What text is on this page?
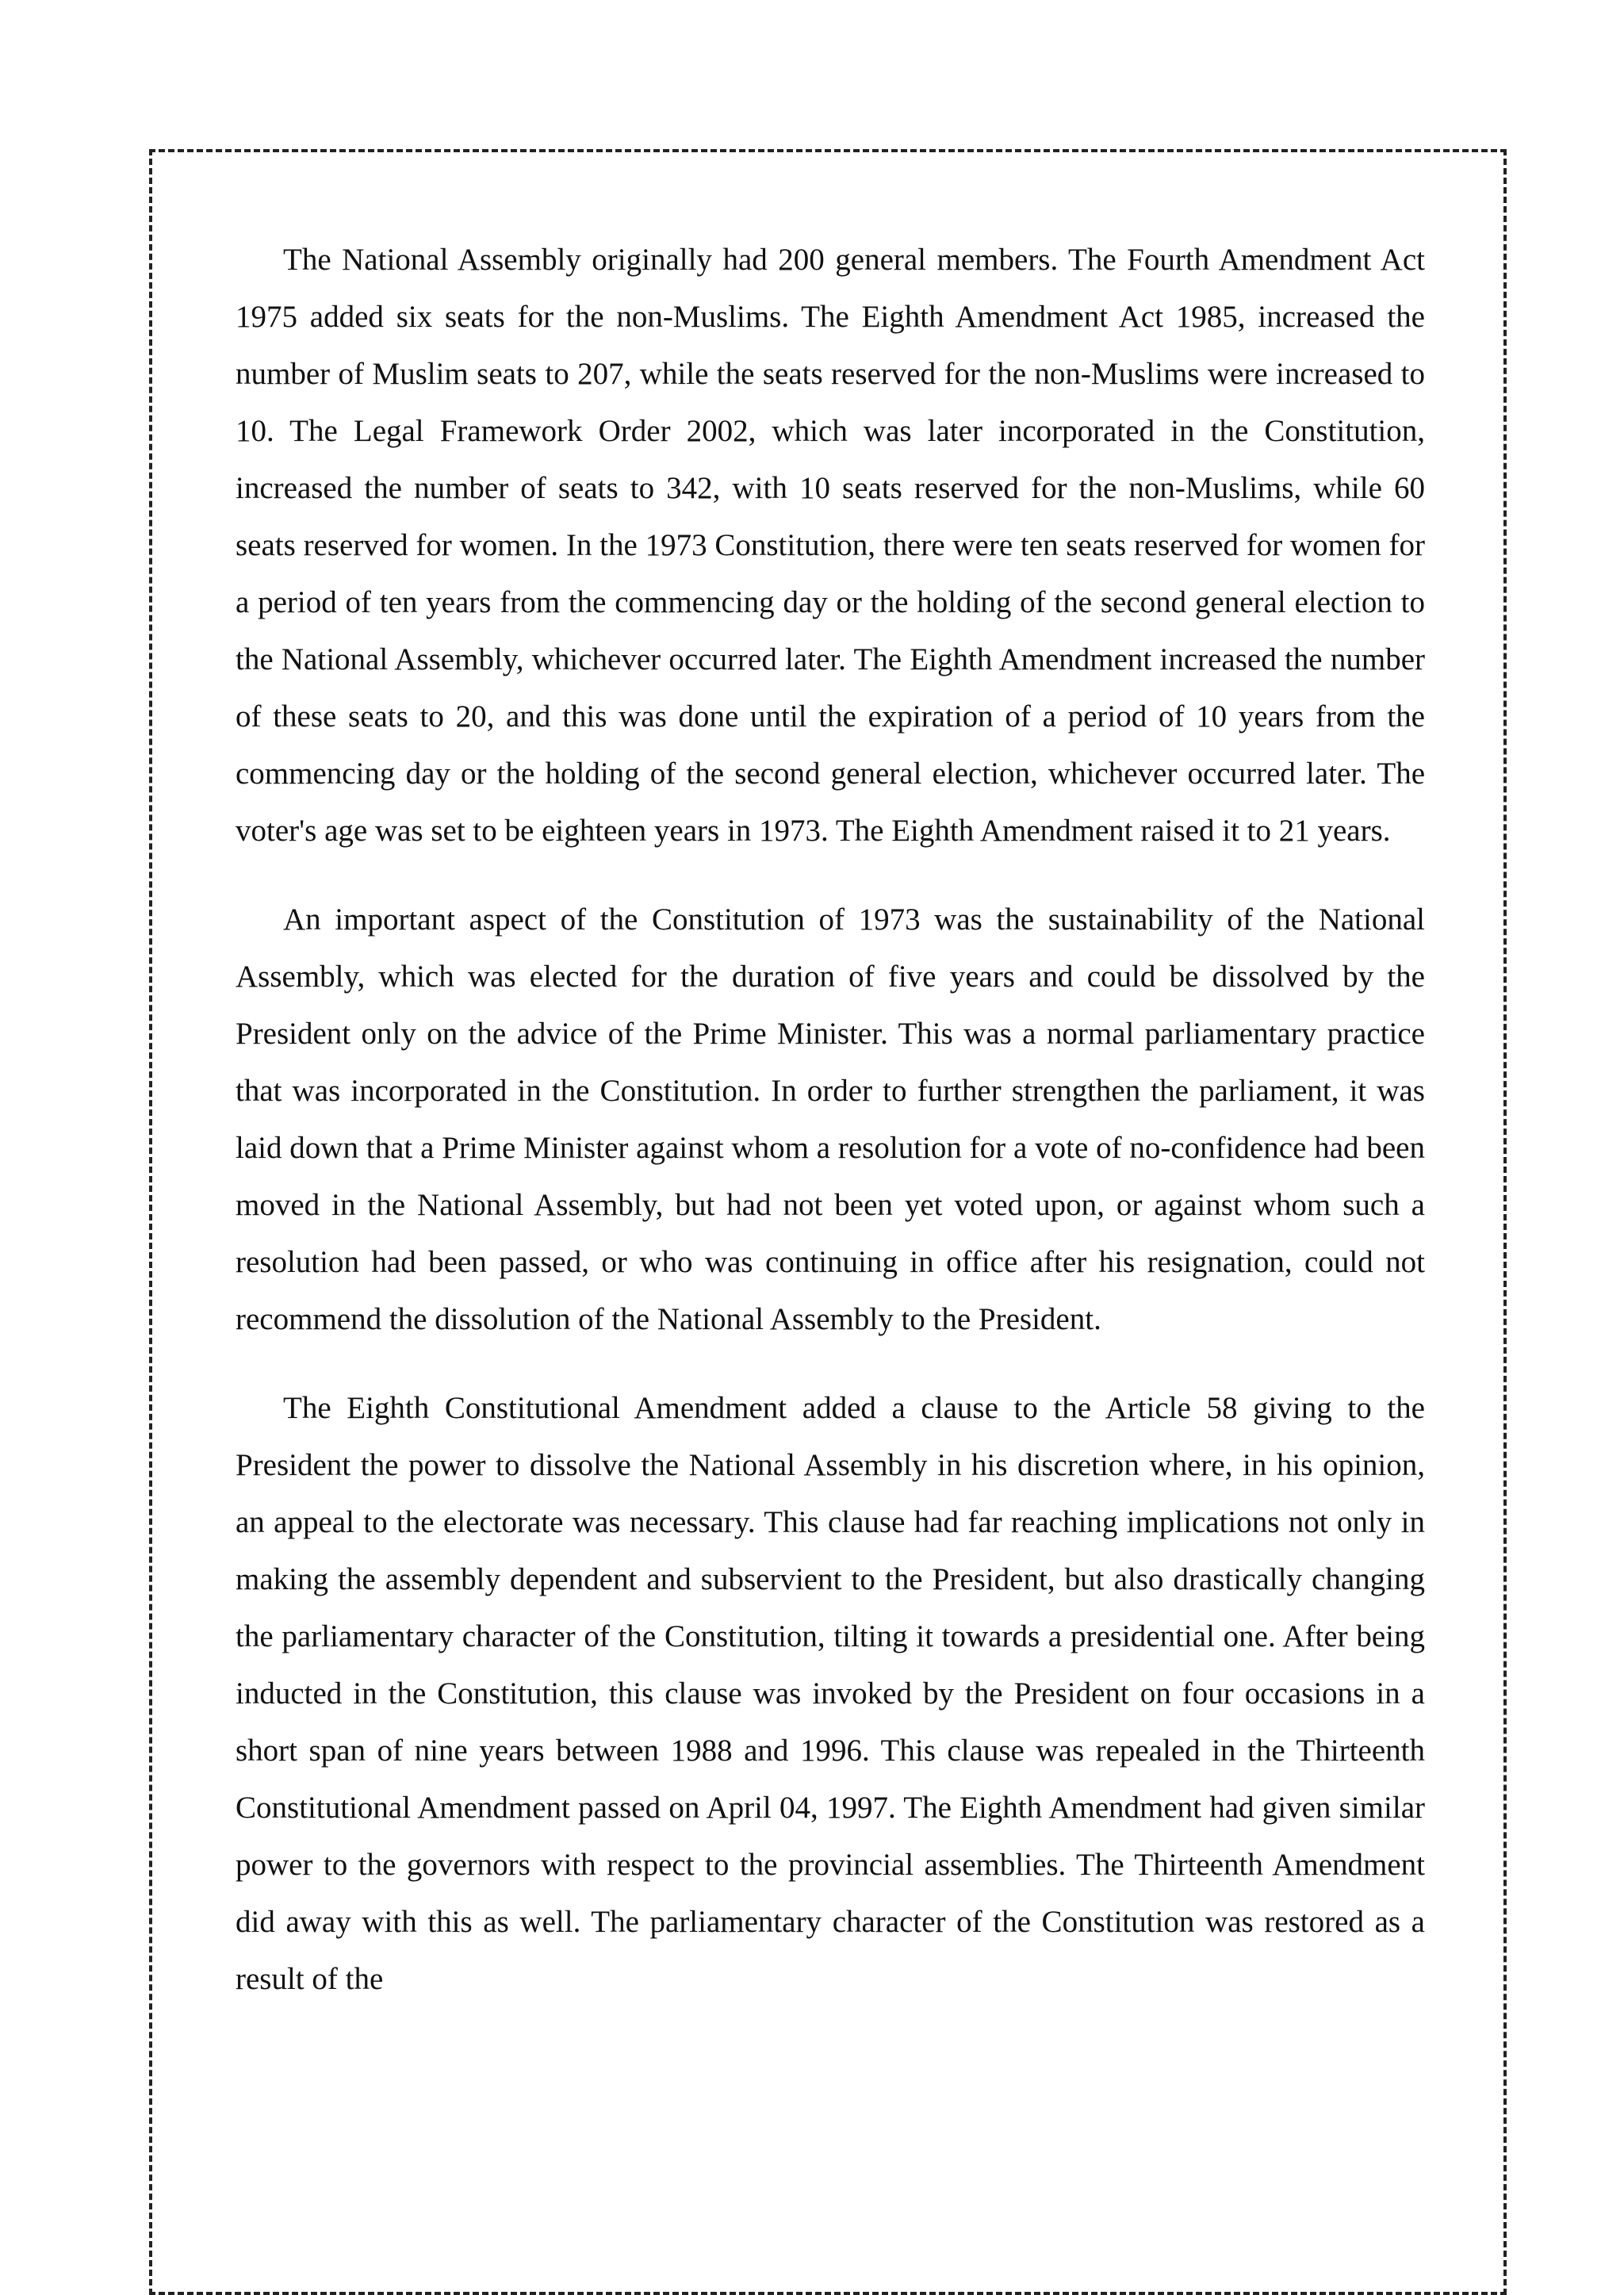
The National Assembly originally had 200 general members. The Fourth Amendment Act 1975 added six seats for the non-Muslims. The Eighth Amendment Act 1985, increased the number of Muslim seats to 207, while the seats reserved for the non-Muslims were increased to 10. The Legal Framework Order 2002, which was later incorporated in the Constitution, increased the number of seats to 342, with 10 seats reserved for the non-Muslims, while 60 seats reserved for women. In the 1973 Constitution, there were ten seats reserved for women for a period of ten years from the commencing day or the holding of the second general election to the National Assembly, whichever occurred later. The Eighth Amendment increased the number of these seats to 20, and this was done until the expiration of a period of 10 years from the commencing day or the holding of the second general election, whichever occurred later. The voter's age was set to be eighteen years in 1973. The Eighth Amendment raised it to 21 years.

An important aspect of the Constitution of 1973 was the sustainability of the National Assembly, which was elected for the duration of five years and could be dissolved by the President only on the advice of the Prime Minister. This was a normal parliamentary practice that was incorporated in the Constitution. In order to further strengthen the parliament, it was laid down that a Prime Minister against whom a resolution for a vote of no-confidence had been moved in the National Assembly, but had not been yet voted upon, or against whom such a resolution had been passed, or who was continuing in office after his resignation, could not recommend the dissolution of the National Assembly to the President.

The Eighth Constitutional Amendment added a clause to the Article 58 giving to the President the power to dissolve the National Assembly in his discretion where, in his opinion, an appeal to the electorate was necessary. This clause had far reaching implications not only in making the assembly dependent and subservient to the President, but also drastically changing the parliamentary character of the Constitution, tilting it towards a presidential one. After being inducted in the Constitution, this clause was invoked by the President on four occasions in a short span of nine years between 1988 and 1996. This clause was repealed in the Thirteenth Constitutional Amendment passed on April 04, 1997. The Eighth Amendment had given similar power to the governors with respect to the provincial assemblies. The Thirteenth Amendment did away with this as well. The parliamentary character of the Constitution was restored as a result of the
